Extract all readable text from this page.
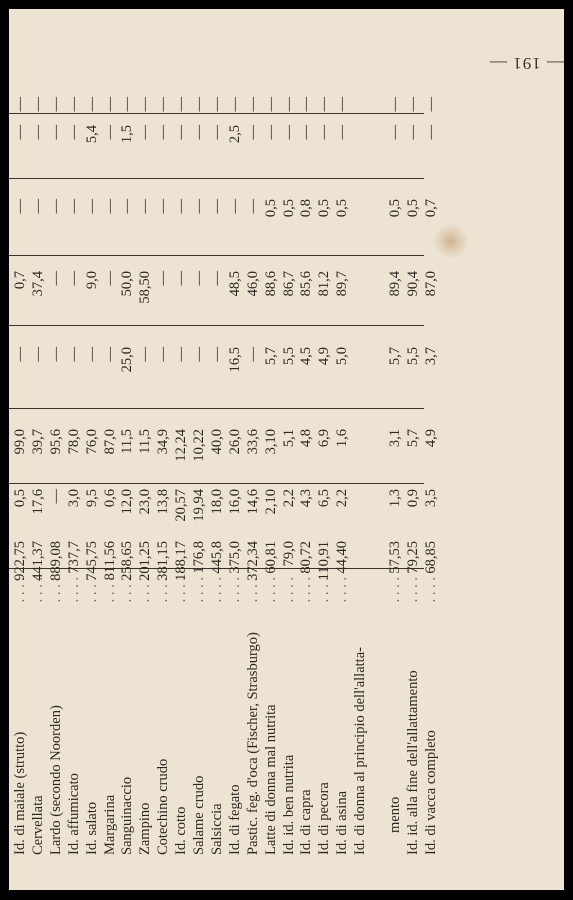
— 191 —
Id. di maiale (strutto)
. . . .
922,75
0,5
99,0
—
0,7
—
—
—
Cervellata
. . . .
441,37
17,6
39,7
—
37,4
—
—
—
Lardo (secondo Noorden)
. . . .
889,08
—
95,6
—
—
—
—
—
Id. affumicato
. . . .
737,7
3,0
78,0
—
—
—
—
—
Id. salato
. . . .
745,75
9,5
76,0
—
9,0
—
5,4
—
Margarina
. . . .
811,56
0,6
87,0
—
—
—
—
—
Sanguinaccio
. . . .
258,65
12,0
11,5
25,0
50,0
—
1,5
—
Zampino
. . . .
201,25
23,0
11,5
—
58,50
—
—
—
Cotechino crudo
. . . .
381,15
13,8
34,9
—
—
—
—
—
Id. cotto
. . . .
188,17
20,57
12,24
—
—
—
—
—
Salame crudo
. . . .
176,8
19,94
10,22
—
—
—
—
—
Salsiccia
. . . .
445,8
18,0
40,0
—
—
—
—
—
Id. di fegato
. . . .
375,0
16,0
26,0
16,5
48,5
—
2,5
—
Pastic. feg. d'oca (Fischer, Strasburgo)
. . . .
372,34
14,6
33,6
—
46,0
—
—
—
Latte di donna mal nutrita
. . . .
60,81
2,10
3,10
5,7
88,6
0,5
—
—
Id. id. ben nutrita
. . . .
79,0
2,2
5,1
5,5
86,7
0,5
—
—
Id. di capra
. . . .
80,72
4,3
4,8
4,5
85,6
0,8
—
—
Id. di pecora
. . . .
110,91
6,5
6,9
4,9
81,2
0,5
—
—
Id. di asina
. . . .
44,40
2,2
1,6
5,0
89,7
0,5
—
—
Id. di donna al principio dell'allatta- mento
. . . .
57,53
1,3
3,1
5,7
89,4
0,5
—
—
Id. id. alla fine dell'allattamento
. . . .
79,25
0,9
5,7
5,5
90,4
0,5
—
—
Id. di vacca completo
. . . .
68,85
3,5
4,9
3,7
87,0
0,7
—
—
